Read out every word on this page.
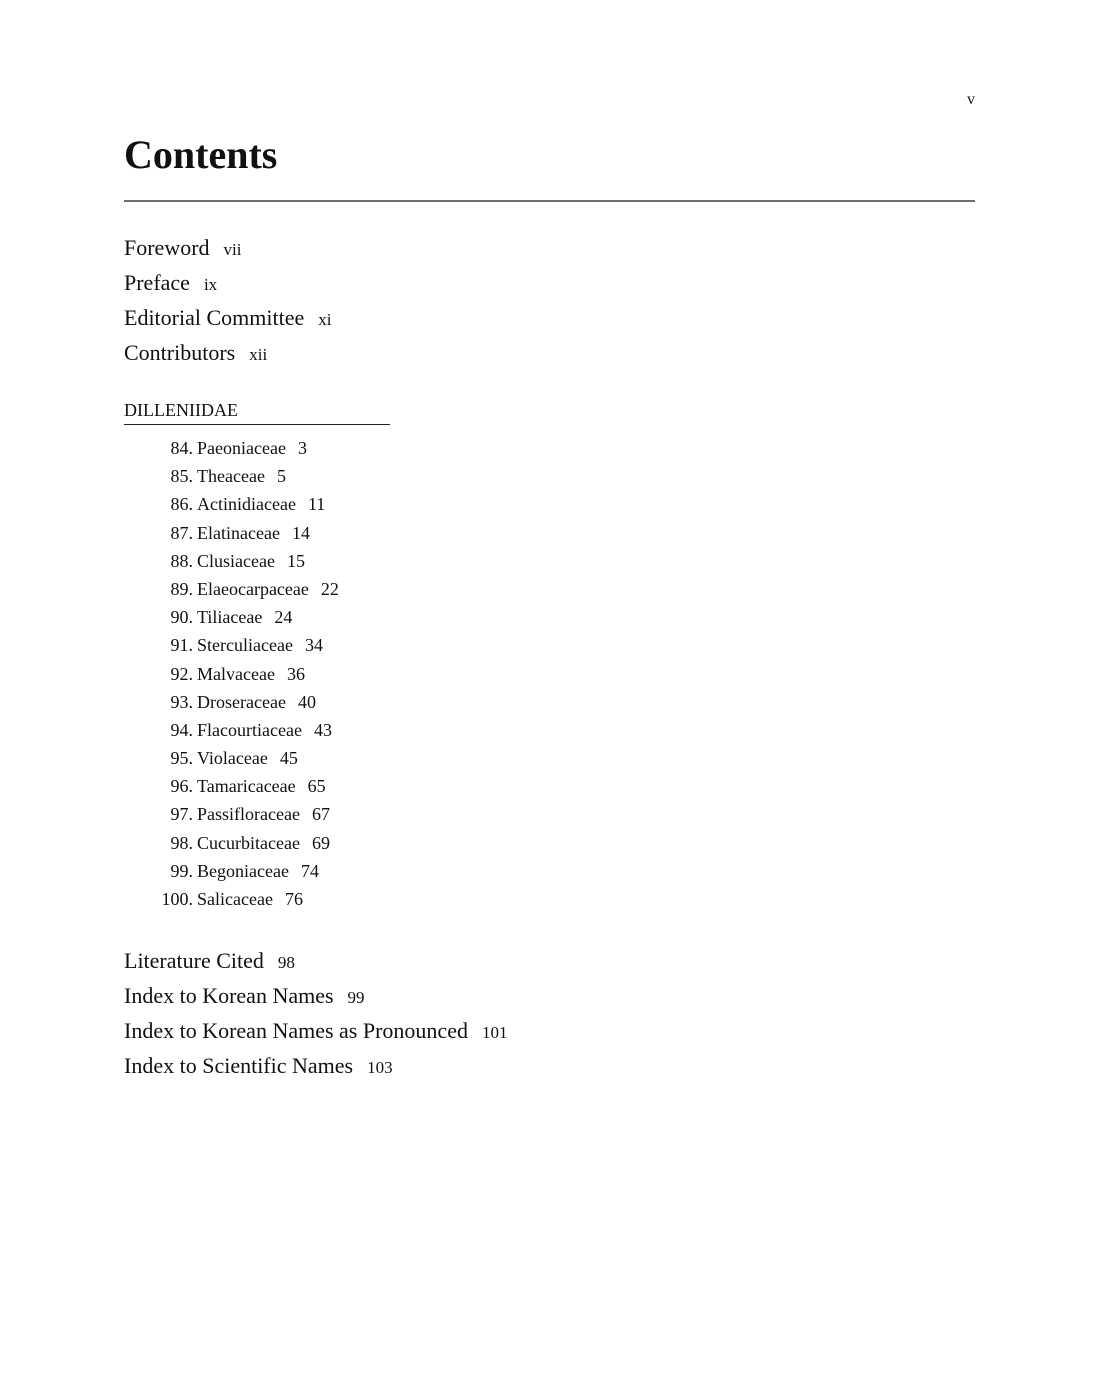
v
Contents
Foreword vii
Preface ix
Editorial Committee xi
Contributors xii
DILLENIIDAE
84. Paeoniaceae 3
85. Theaceae 5
86. Actinidiaceae 11
87. Elatinaceae 14
88. Clusiaceae 15
89. Elaeocarpaceae 22
90. Tiliaceae 24
91. Sterculiaceae 34
92. Malvaceae 36
93. Droseraceae 40
94. Flacourtiaceae 43
95. Violaceae 45
96. Tamaricaceae 65
97. Passifloraceae 67
98. Cucurbitaceae 69
99. Begoniaceae 74
100. Salicaceae 76
Literature Cited 98
Index to Korean Names 99
Index to Korean Names as Pronounced 101
Index to Scientific Names 103
